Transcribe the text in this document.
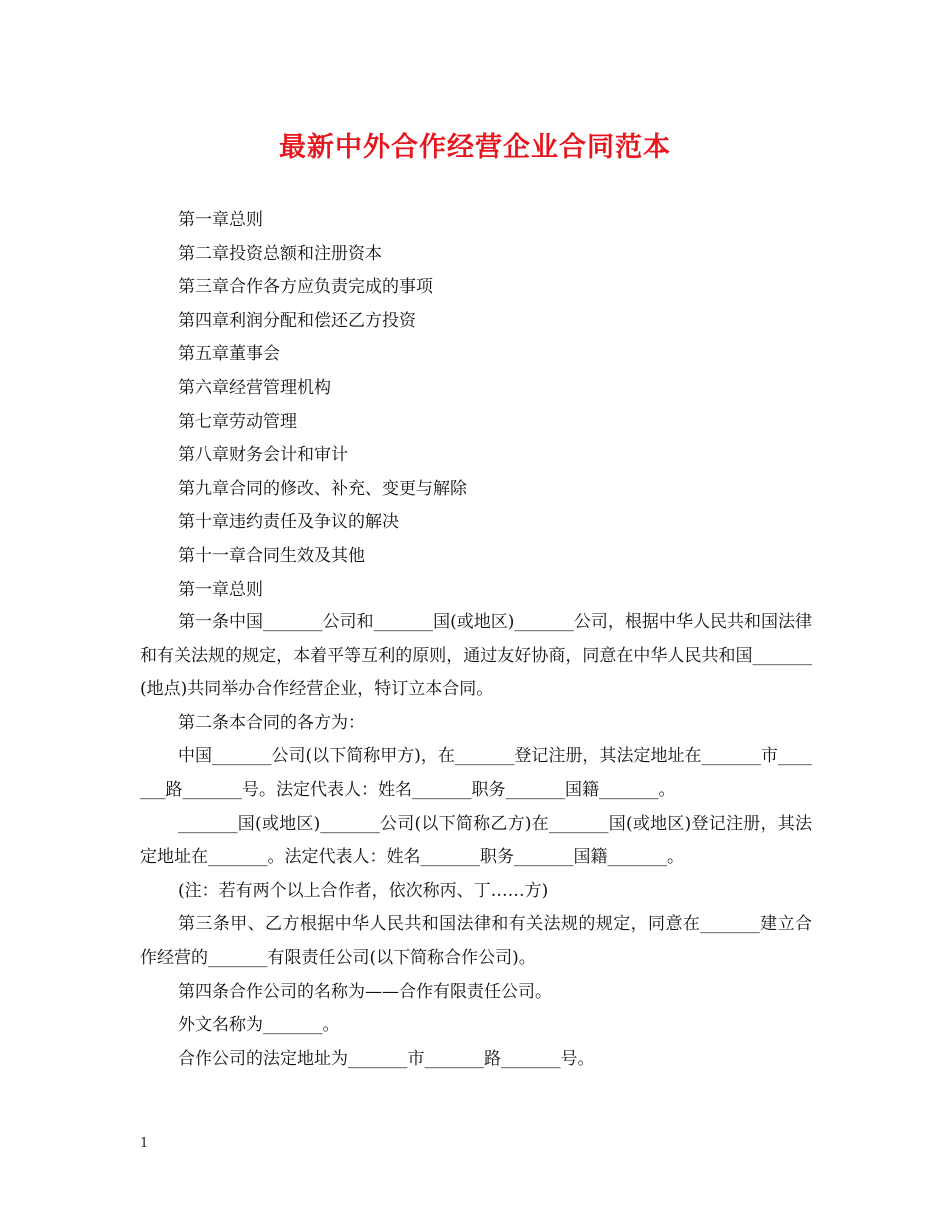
最新中外合作经营企业合同范本
第一章总则
第二章投资总额和注册资本
第三章合作各方应负责完成的事项
第四章利润分配和偿还乙方投资
第五章董事会
第六章经营管理机构
第七章劳动管理
第八章财务会计和审计
第九章合同的修改、补充、变更与解除
第十章违约责任及争议的解决
第十一章合同生效及其他
第一章总则

第一条中国_______公司和_______国(或地区)_______公司，根据中华人民共和国法律和有关法规的规定，本着平等互利的原则，通过友好协商，同意在中华人民共和国_______(地点)共同举办合作经营企业，特订立本合同。

第二条本合同的各方为：

中国_______公司(以下简称甲方)，在_______登记注册，其法定地址在_______市_______路_______号。法定代表人：姓名_______职务_______国籍_______。

_______国(或地区)_______公司(以下简称乙方)在_______国(或地区)登记注册，其法定地址在_______。法定代表人：姓名_______职务_______国籍_______。

(注：若有两个以上合作者，依次称丙、丁……方)

第三条甲、乙方根据中华人民共和国法律和有关法规的规定，同意在_______建立合作经营的_______有限责任公司(以下简称合作公司)。

第四条合作公司的名称为——合作有限责任公司。

外文名称为_______。

合作公司的法定地址为_______市_______路_______号。

1
